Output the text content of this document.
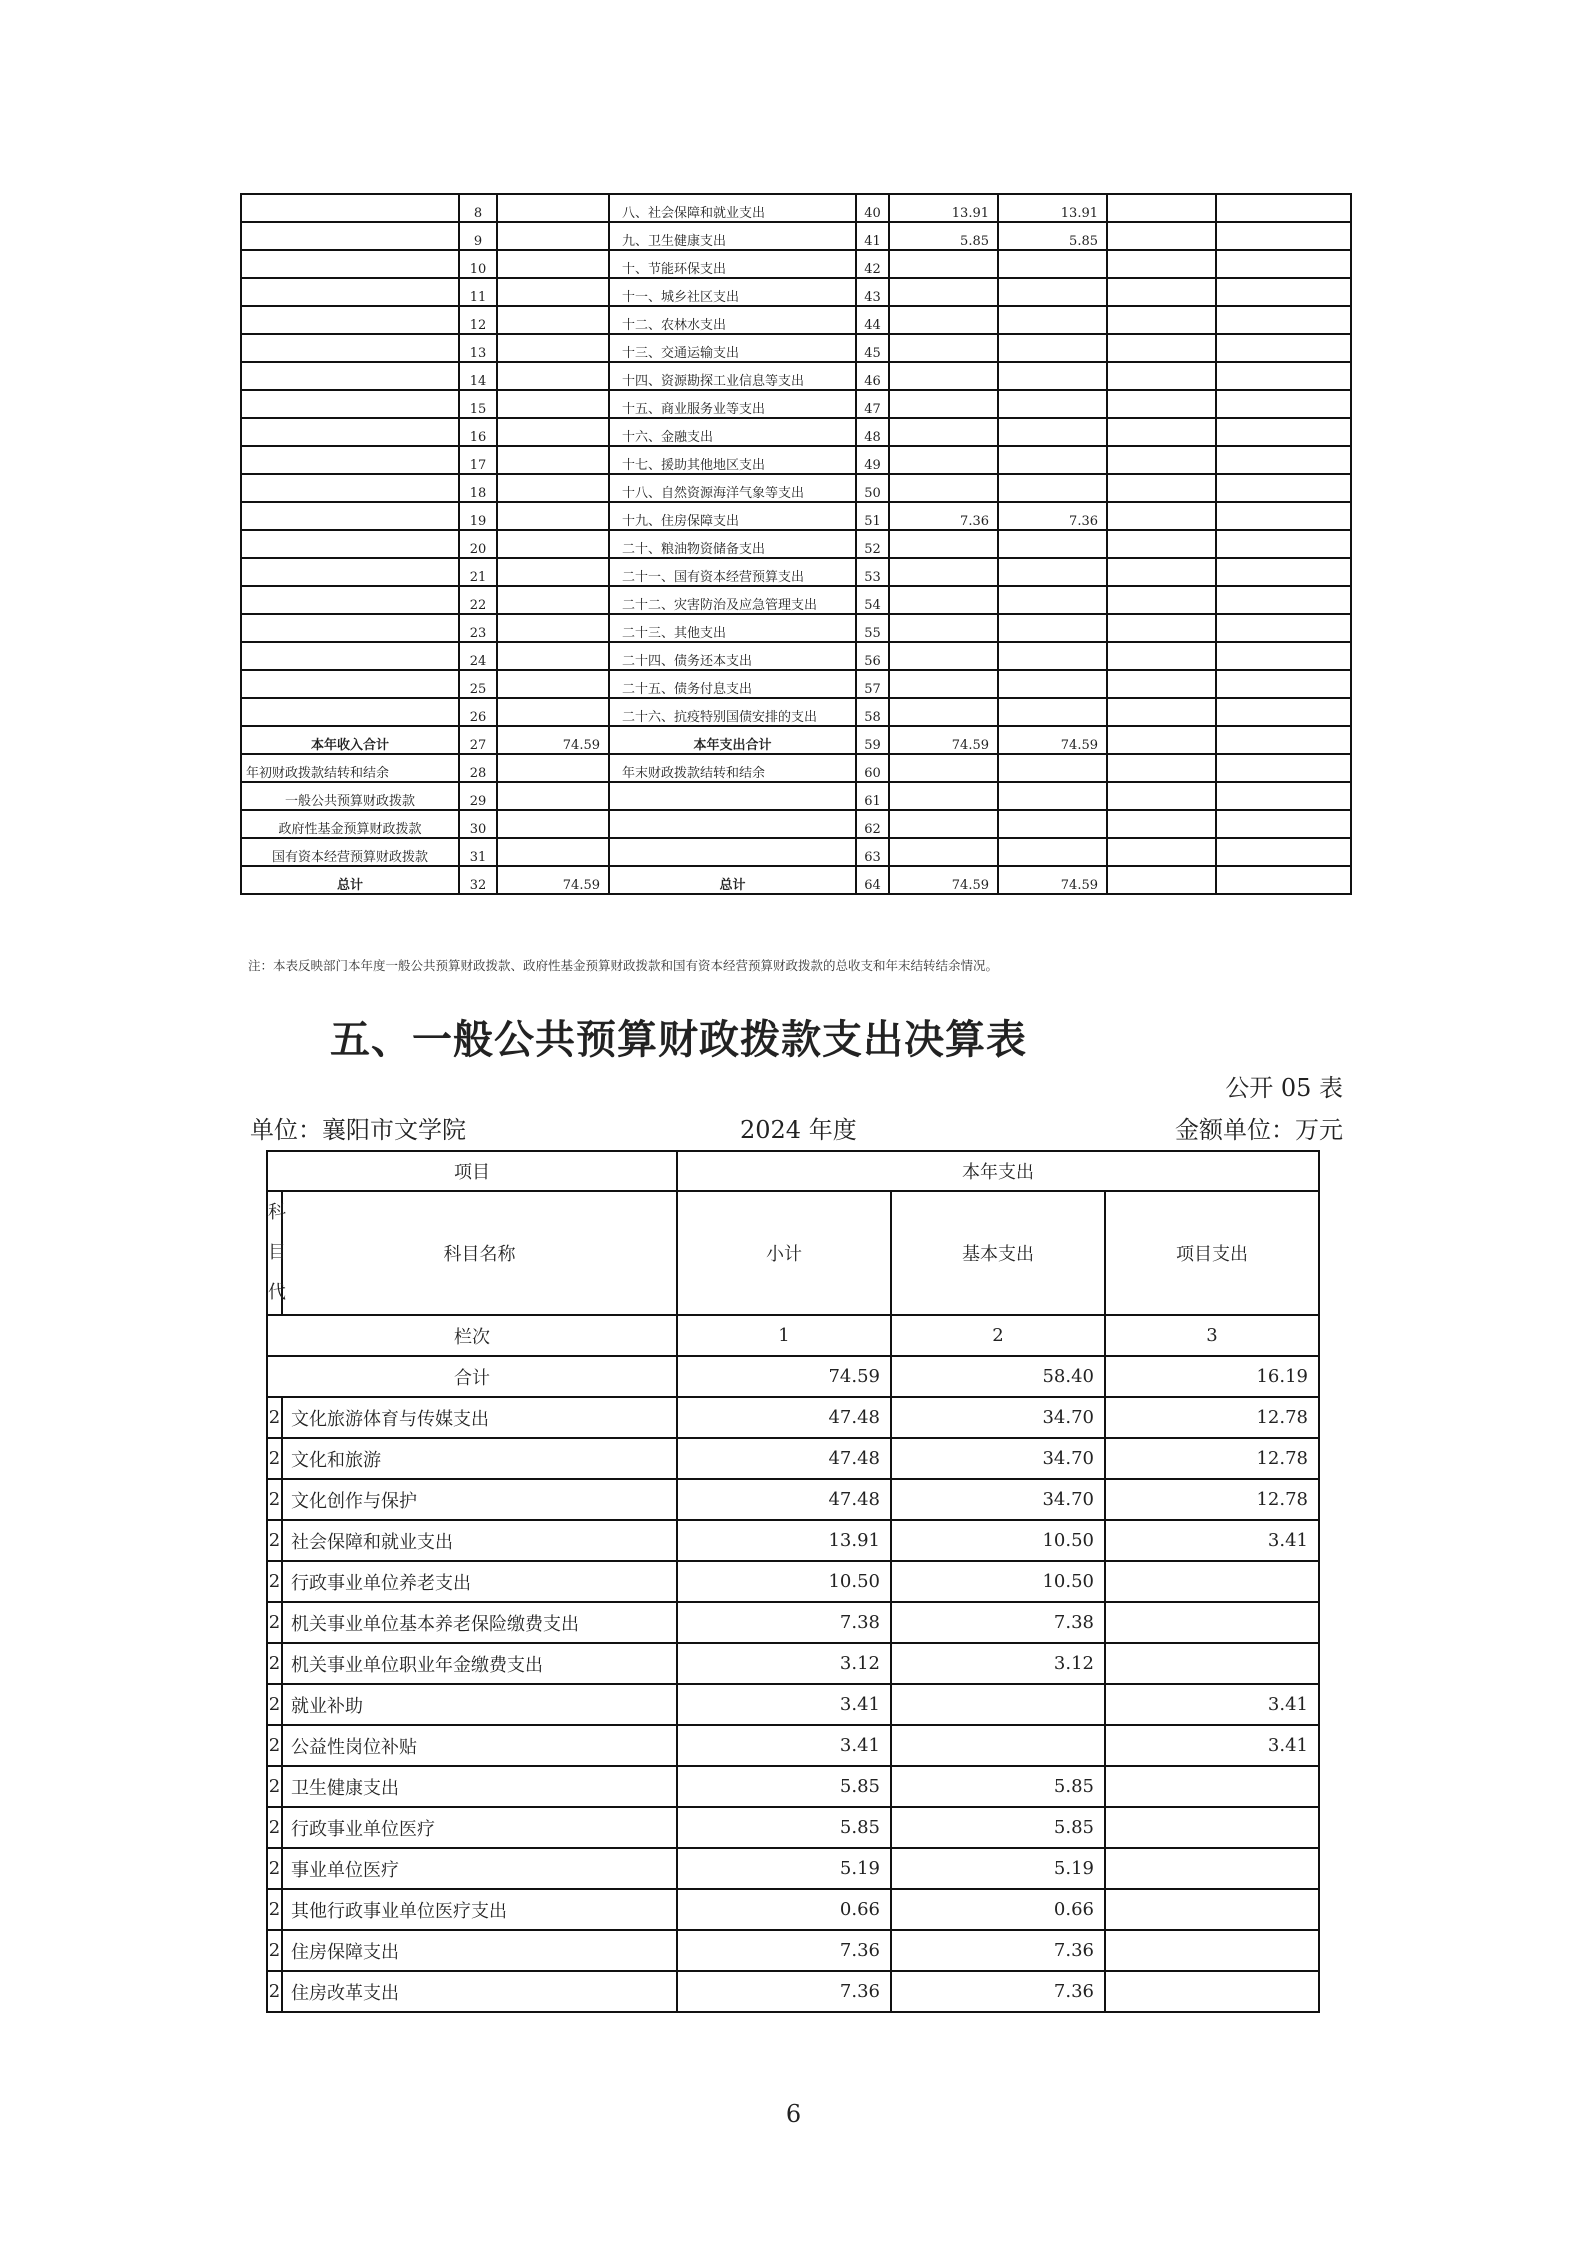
	8		八、社会保障和就业支出	40	13.91	13.91		
	9		九、卫生健康支出	41	5.85	5.85		
	10		十、节能环保支出	42				
	11		十一、城乡社区支出	43				
	12		十二、农林水支出	44				
	13		十三、交通运输支出	45				
	14		十四、资源勘探工业信息等支出	46				
	15		十五、商业服务业等支出	47				
	16		十六、金融支出	48				
	17		十七、援助其他地区支出	49				
	18		十八、自然资源海洋气象等支出	50				
	19		十九、住房保障支出	51	7.36	7.36		
	20		二十、粮油物资储备支出	52				
	21		二十一、国有资本经营预算支出	53				
	22		二十二、灾害防治及应急管理支出	54				
	23		二十三、其他支出	55				
	24		二十四、债务还本支出	56				
	25		二十五、债务付息支出	57				
	26		二十六、抗疫特别国债安排的支出	58				
本年收入合计	27	74.59	本年支出合计	59	74.59	74.59		
年初财政拨款结转和结余	28		年末财政拨款结转和结余	60				
一般公共预算财政拨款	29			61				
政府性基金预算财政拨款	30			62				
国有资本经营预算财政拨款	31			63				
总计	32	74.59	总计	64	74.59	74.59		
注：本表反映部门本年度一般公共预算财政拨款、政府性基金预算财政拨款和国有资本经营预算财政拨款的总收支和年末结转结余情况。
五、一般公共预算财政拨款支出决算表
公开 05 表
单位：襄阳市文学院	2024 年度	金额单位：万元
项目	本年支出

科
目
代
	科目名称	小计	基本支出	项目支出
栏次	1	2	3
合计	74.59	58.40	16.19
2	文化旅游体育与传媒支出	47.48	34.70	12.78
2	文化和旅游	47.48	34.70	12.78
2	文化创作与保护	47.48	34.70	12.78
2	社会保障和就业支出	13.91	10.50	3.41
2	行政事业单位养老支出	10.50	10.50	
2	机关事业单位基本养老保险缴费支出	7.38	7.38	
2	机关事业单位职业年金缴费支出	3.12	3.12	
2	就业补助	3.41		3.41
2	公益性岗位补贴	3.41		3.41
2	卫生健康支出	5.85	5.85	
2	行政事业单位医疗	5.85	5.85	
2	事业单位医疗	5.19	5.19	
2	其他行政事业单位医疗支出	0.66	0.66	
2	住房保障支出	7.36	7.36	
2	住房改革支出	7.36	7.36	
6
